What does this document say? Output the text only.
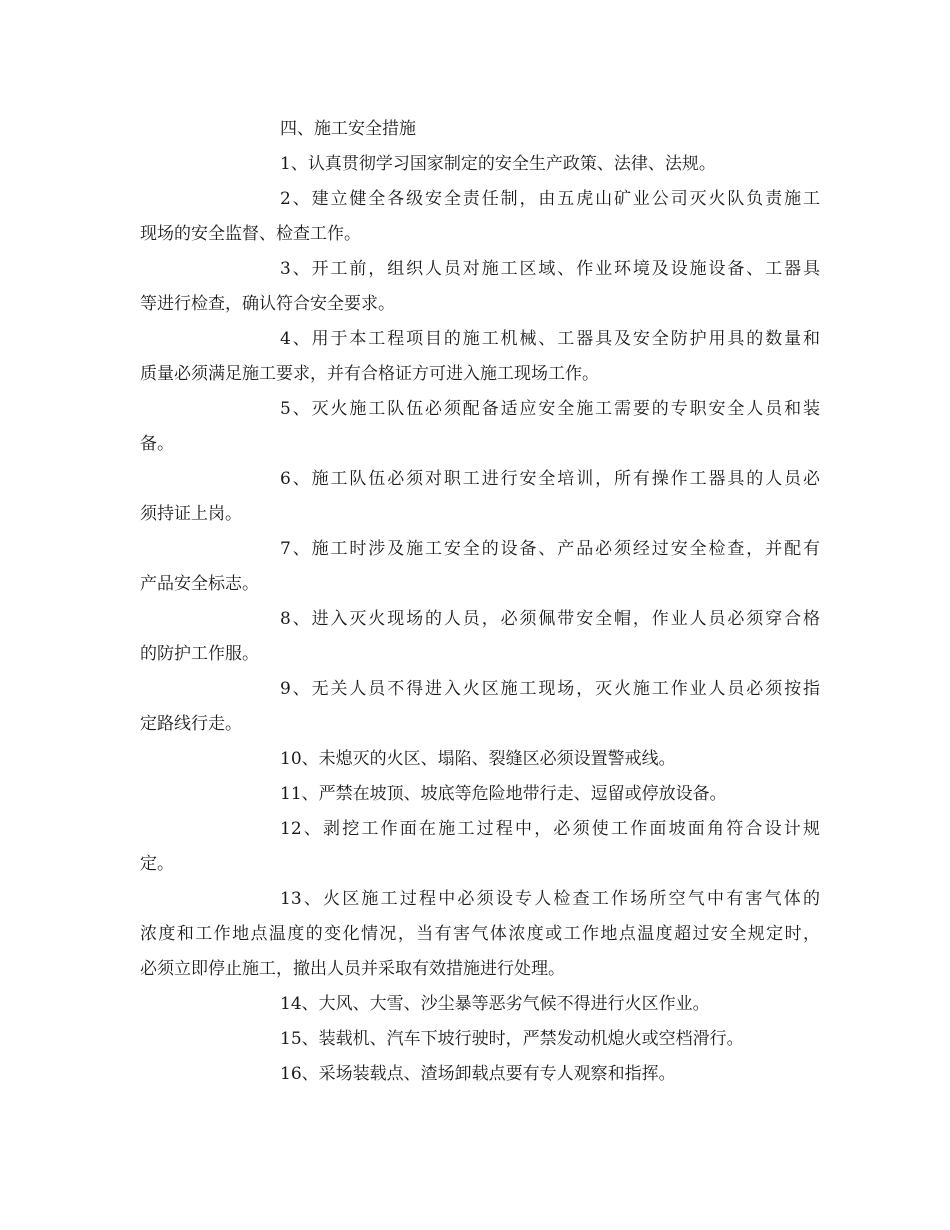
四、施工安全措施
1、认真贯彻学习国家制定的安全生产政策、法律、法规。
2、建立健全各级安全责任制，由五虎山矿业公司灭火队负责施工
现场的安全监督、检查工作。
3、开工前，组织人员对施工区域、作业环境及设施设备、工器具
等进行检查，确认符合安全要求。
4、用于本工程项目的施工机械、工器具及安全防护用具的数量和
质量必须满足施工要求，并有合格证方可进入施工现场工作。
5、灭火施工队伍必须配备适应安全施工需要的专职安全人员和装
备。
6、施工队伍必须对职工进行安全培训，所有操作工器具的人员必
须持证上岗。
7、施工时涉及施工安全的设备、产品必须经过安全检查，并配有
产品安全标志。
8、进入灭火现场的人员，必须佩带安全帽，作业人员必须穿合格
的防护工作服。
9、无关人员不得进入火区施工现场，灭火施工作业人员必须按指
定路线行走。
10、未熄灭的火区、塌陷、裂缝区必须设置警戒线。
11、严禁在坡顶、坡底等危险地带行走、逗留或停放设备。
12、剥挖工作面在施工过程中，必须使工作面坡面角符合设计规
定。
13、火区施工过程中必须设专人检查工作场所空气中有害气体的
浓度和工作地点温度的变化情况，当有害气体浓度或工作地点温度超过安全规定时，
必须立即停止施工，撤出人员并采取有效措施进行处理。
14、大风、大雪、沙尘暴等恶劣气候不得进行火区作业。
15、装载机、汽车下坡行驶时，严禁发动机熄火或空档滑行。
16、采场装载点、渣场卸载点要有专人观察和指挥。
